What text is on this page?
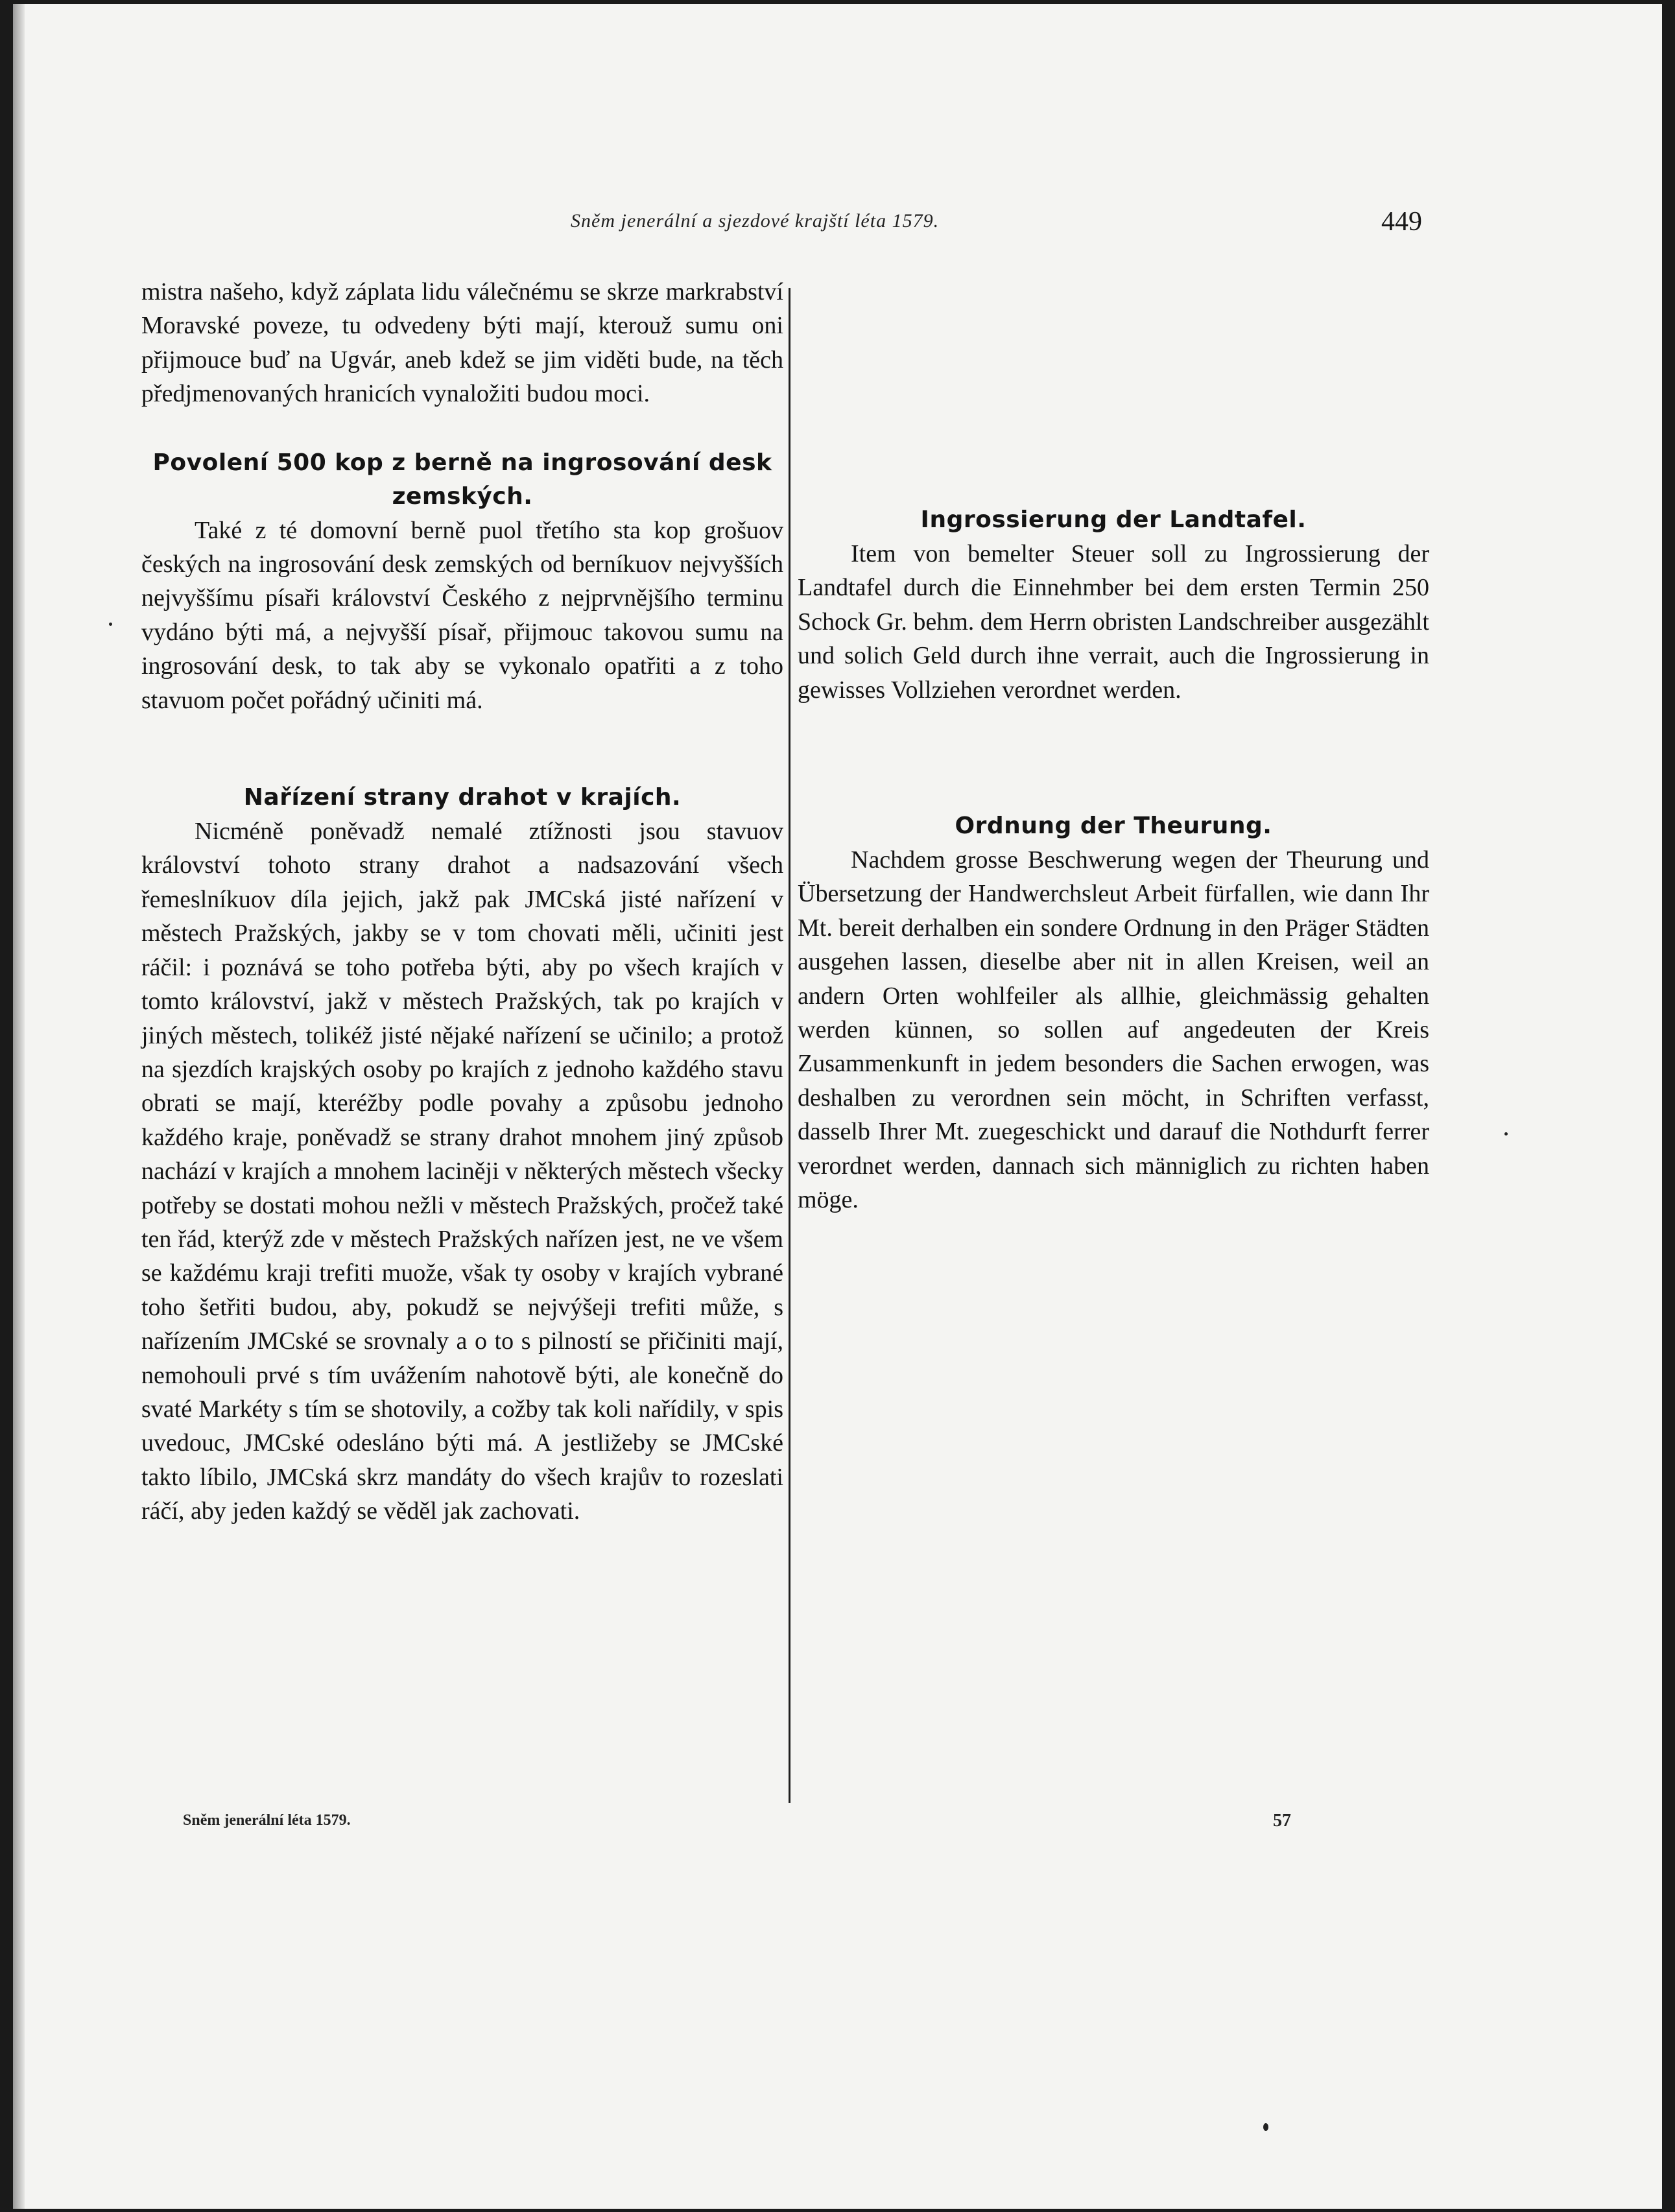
Sněm jenerální a sjezdové krajští léta 1579.	449

mistra našeho, když záplata lidu válečnému se skrze markrabství Moravské poveze, tu odvedeny býti mají, kterouž sumu oni přijmouce buď na Ugvár, aneb kdež se jim viděti bude, na těch předjmenovaných hranicích vynaložiti budou moci.

Povolení 500 kop z berně na ingrosování desk zemských.

Také z té domovní berně puol třetího sta kop grošuov českých na ingrosování desk zemských od berníkuov nejvyšších nejvyššímu písaři království Českého z nejprvnějšího terminu vydáno býti má, a nejvyšší písař, přijmouc takovou sumu na ingrosování desk, to tak aby se vykonalo opatřiti a z toho stavuom počet pořádný učiniti má.

Nařízení strany drahot v krajích.

Nicméně poněvadž nemalé ztížnosti jsou stavuov království tohoto strany drahot a nadsazování všech řemeslníkuov díla jejich, jakž pak JMCská jisté nařízení v městech Pražských, jakby se v tom chovati měli, učiniti jest ráčil: i poznává se toho potřeba býti, aby po všech krajích v tomto království, jakž v městech Pražských, tak po krajích v jiných městech, tolikéž jisté nějaké nařízení se učinilo; a protož na sjezdích krajských osoby po krajích z jednoho každého stavu obrati se mají, kteréžby podle povahy a způsobu jednoho každého kraje, poněvadž se strany drahot mnohem jiný způsob nachází v krajích a mnohem laciněji v některých městech všecky potřeby se dostati mohou nežli v městech Pražských, pročež také ten řád, kterýž zde v městech Pražských nařízen jest, ne ve všem se každému kraji trefiti muože, však ty osoby v krajích vybrané toho šetřiti budou, aby, pokudž se nejvýšeji trefiti může, s nařízením JMCské se srovnaly a o to s pilností se přičiniti mají, nemohouli prvé s tím uvážením nahotově býti, ale konečně do svaté Markéty s tím se shotovily, a cožby tak koli nařídily, v spis uvedouc, JMCské odesláno býti má. A jestližeby se JMCské takto líbilo, JMCská skrz mandáty do všech krajův to rozeslati ráčí, aby jeden každý se věděl jak zachovati.

Ingrossierung der Landtafel.

Item von bemelter Steuer soll zu Ingrossierung der Landtafel durch die Einnehmber bei dem ersten Termin 250 Schock Gr. behm. dem Herrn obristen Landschreiber ausgezählt und solich Geld durch ihne verrait, auch die Ingrossierung in gewisses Vollziehen verordnet werden.

Ordnung der Theurung.

Nachdem grosse Beschwerung wegen der Theurung und Übersetzung der Handwerchsleut Arbeit fürfallen, wie dann Ihr Mt. bereit derhalben ein sondere Ordnung in den Präger Städten ausgehen lassen, dieselbe aber nit in allen Kreisen, weil an andern Orten wohlfeiler als allhie, gleichmässig gehalten werden künnen, so sollen auf angedeuten der Kreis Zusammenkunft in jedem besonders die Sachen erwogen, was deshalben zu verordnen sein möcht, in Schriften verfasst, dasselb Ihrer Mt. zuegeschickt und darauf die Nothdurft ferrer verordnet werden, dannach sich männiglich zu richten haben möge.

Sněm jenerální léta 1579.	57
